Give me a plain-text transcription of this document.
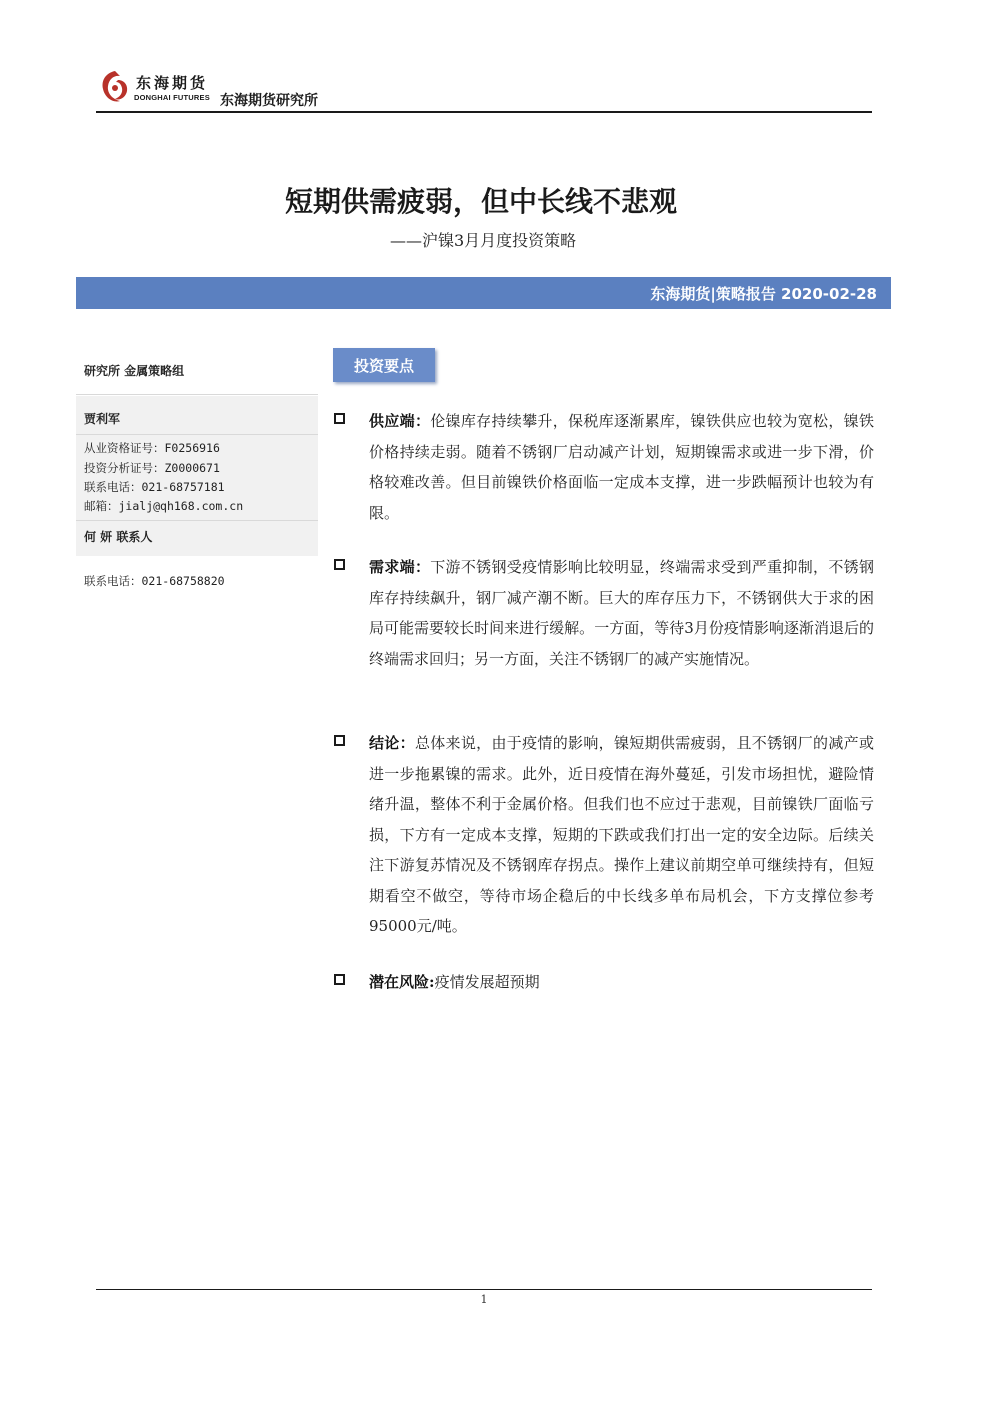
东海期货
DONGHAI FUTURES 东海期货研究所
短期供需疲弱，但中长线不悲观
——沪镍3月月度投资策略
东海期货|策略报告 2020-02-28
研究所 金属策略组
贾利军
从业资格证号：F0256916
投资分析证号：Z0000671
联系电话：021-68757181
邮箱：jialj@qh168.com.cn
何 妍 联系人
联系电话：021-68758820
投资要点
供应端：伦镍库存持续攀升，保税库逐渐累库，镍铁供应也较为宽松，镍铁价格持续走弱。随着不锈钢厂启动减产计划，短期镍需求或进一步下滑，价格较难改善。但目前镍铁价格面临一定成本支撑，进一步跌幅预计也较为有限。
需求端：下游不锈钢受疫情影响比较明显，终端需求受到严重抑制，不锈钢库存持续飙升，钢厂减产潮不断。巨大的库存压力下，不锈钢供大于求的困局可能需要较长时间来进行缓解。一方面，等待3月份疫情影响逐渐消退后的终端需求回归；另一方面，关注不锈钢厂的减产实施情况。
结论：总体来说，由于疫情的影响，镍短期供需疲弱，且不锈钢厂的减产或进一步拖累镍的需求。此外，近日疫情在海外蔓延，引发市场担忧，避险情绪升温，整体不利于金属价格。但我们也不应过于悲观，目前镍铁厂面临亏损，下方有一定成本支撑，短期的下跌或我们打出一定的安全边际。后续关注下游复苏情况及不锈钢库存拐点。操作上建议前期空单可继续持有，但短期看空不做空，等待市场企稳后的中长线多单布局机会，下方支撑位参考95000元/吨。
潜在风险:疫情发展超预期
1
